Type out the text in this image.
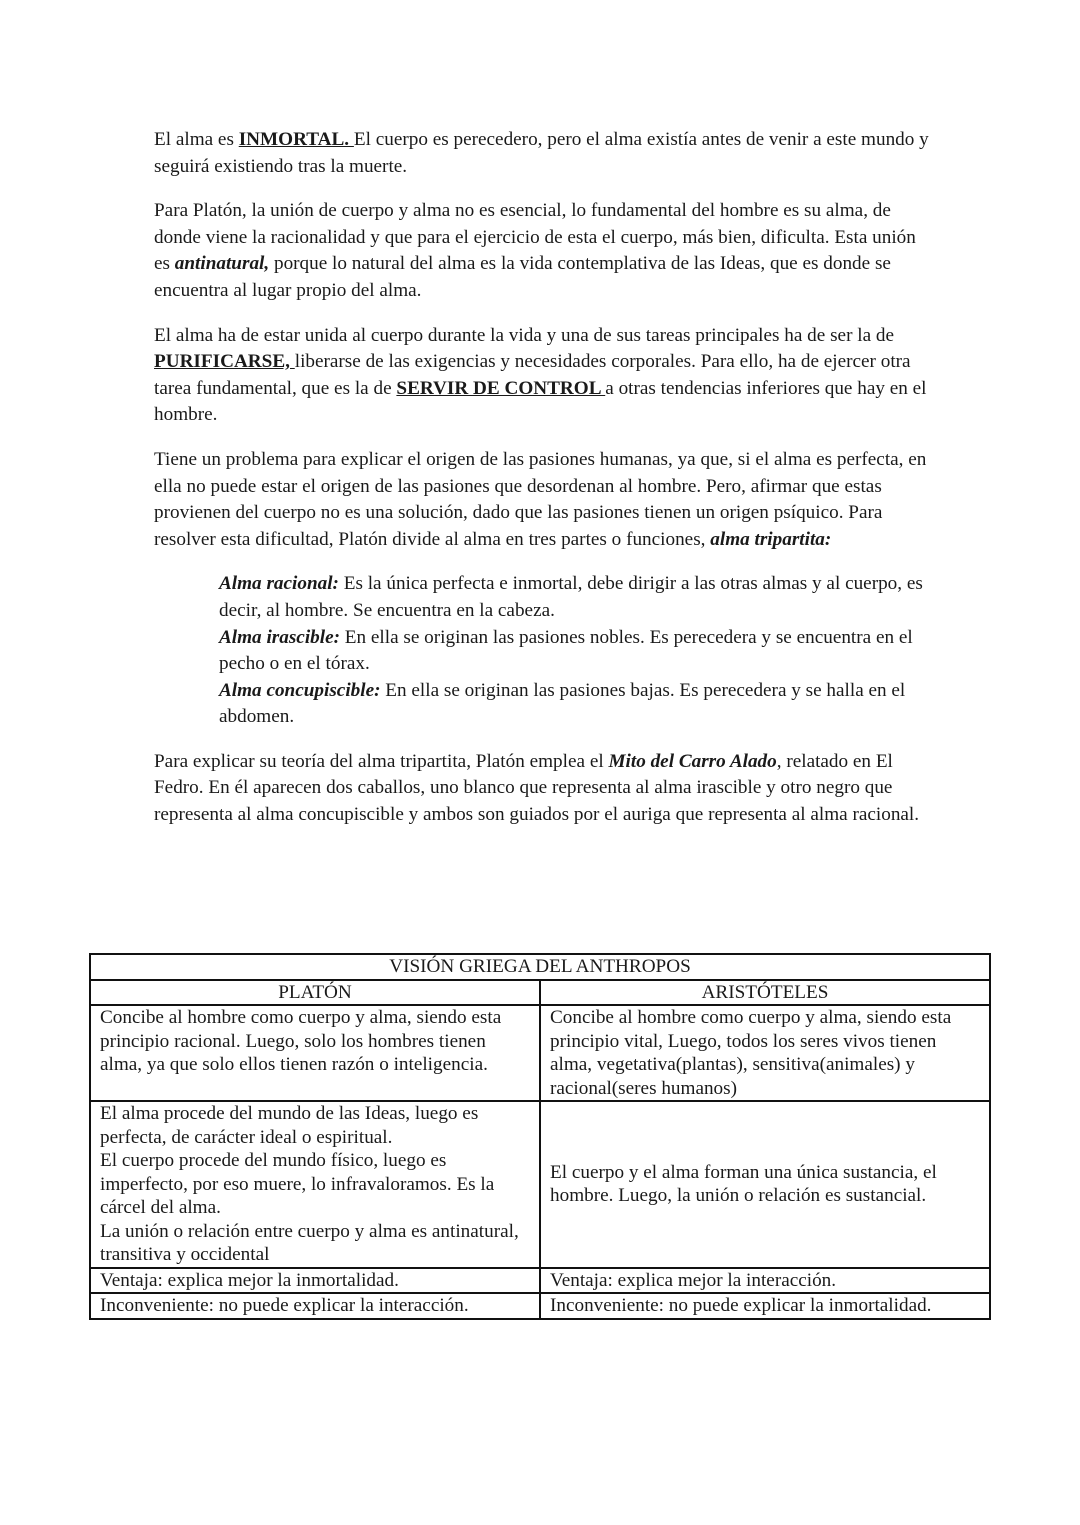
El alma es INMORTAL. El cuerpo es perecedero, pero el alma existía antes de venir a este mundo y seguirá existiendo tras la muerte.

Para Platón, la unión de cuerpo y alma no es esencial, lo fundamental del hombre es su alma, de donde viene la racionalidad y que para el ejercicio de esta el cuerpo, más bien, dificulta. Esta unión es antinatural, porque lo natural del alma es la vida contemplativa de las Ideas, que es donde se encuentra al lugar propio del alma.

El alma ha de estar unida al cuerpo durante la vida y una de sus tareas principales ha de ser la de PURIFICARSE, liberarse de las exigencias y necesidades corporales. Para ello, ha de ejercer otra tarea fundamental, que es la de SERVIR DE CONTROL a otras tendencias inferiores que hay en el hombre.

Tiene un problema para explicar el origen de las pasiones humanas, ya que, si el alma es perfecta, en ella no puede estar el origen de las pasiones que desordenan al hombre. Pero, afirmar que estas provienen del cuerpo no es una solución, dado que las pasiones tienen un origen psíquico. Para resolver esta dificultad, Platón divide al alma en tres partes o funciones, alma tripartita:

Alma racional: Es la única perfecta e inmortal, debe dirigir a las otras almas y al cuerpo, es decir, al hombre. Se encuentra en la cabeza.
Alma irascible: En ella se originan las pasiones nobles. Es perecedera y se encuentra en el pecho o en el tórax.
Alma concupiscible: En ella se originan las pasiones bajas. Es perecedera y se halla en el abdomen.

Para explicar su teoría del alma tripartita, Platón emplea el Mito del Carro Alado, relatado en El Fedro. En él aparecen dos caballos, uno blanco que representa al alma irascible y otro negro que representa al alma concupiscible y ambos son guiados por el auriga que representa al alma racional.

VISIÓN GRIEGA DEL ANTHROPOS	
PLATÓN	ARISTÓTELES
Concibe al hombre como cuerpo y alma, siendo esta principio racional. Luego, solo los hombres tienen alma, ya que solo ellos tienen razón o inteligencia.	Concibe al hombre como cuerpo y alma, siendo esta principio vital, Luego, todos los seres vivos tienen alma, vegetativa(plantas), sensitiva(animales) y racional(seres humanos)

El alma procede del mundo de las Ideas, luego es perfecta, de carácter ideal o espiritual.
El cuerpo procede del mundo físico, luego es imperfecto, por eso muere, lo infravaloramos. Es la cárcel del alma.
La unión o relación entre cuerpo y alma es antinatural, transitiva y occidental	El cuerpo y el alma forman una única sustancia, el hombre. Luego, la unión o relación es sustancial.
Ventaja: explica mejor la inmortalidad.	Ventaja: explica mejor la interacción.
Inconveniente: no puede explicar la interacción.	Inconveniente: no puede explicar la inmortalidad.
